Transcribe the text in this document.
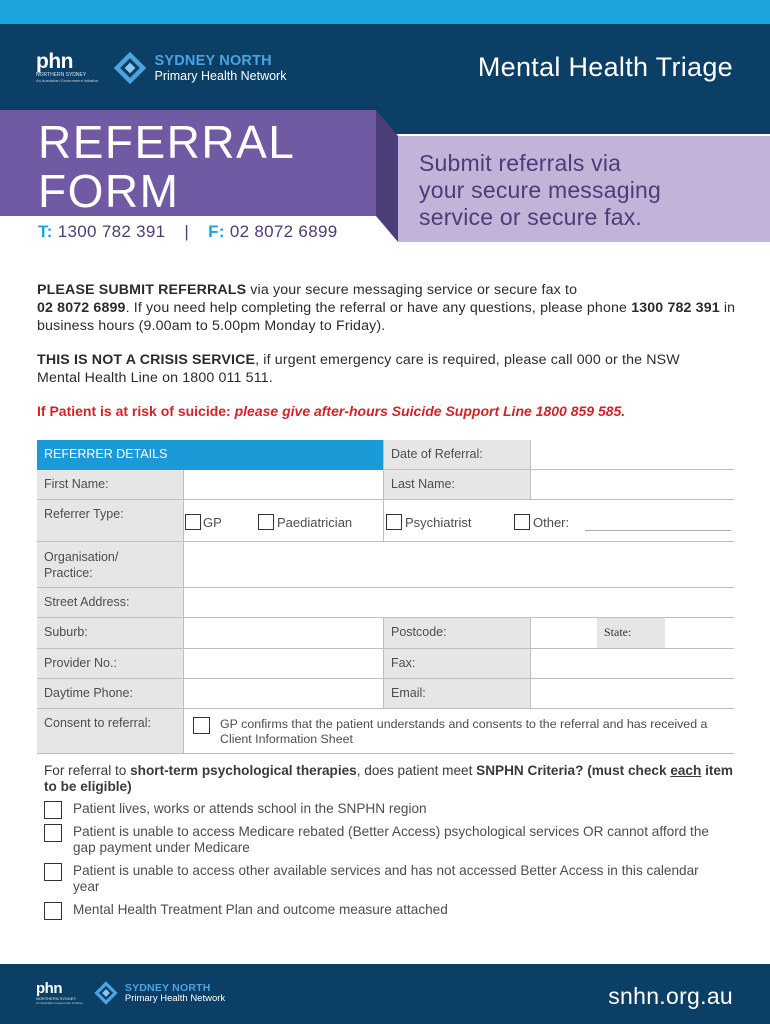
phn
NORTHERN SYDNEY
An Australian Government Initiative
SYDNEY NORTH
Primary Health Network	Mental Health Triage
REFERRAL
FORM
Submit referrals via
your secure messaging
service or secure fax.
T: 1300 782 391 | F: 02 8072 6899
PLEASE SUBMIT REFERRALS via your secure messaging service or secure fax to
02 8072 6899. If you need help completing the referral or have any questions, please phone 1300 782 391 in business hours (9.00am to 5.00pm Monday to Friday).
THIS IS NOT A CRISIS SERVICE, if urgent emergency care is required, please call 000 or the NSW Mental Health Line on 1800 011 511.
If Patient is at risk of suicide: please give after-hours Suicide Support Line 1800 859 585.
REFERRER DETAILS	Date of Referral:
First Name:	Last Name:
Referrer Type:
GP	Paediatrician	Psychiatrist	Other:
Organisation/
Practice:
Street Address:
Suburb:	Postcode:	State:
Provider No.:	Fax:
Daytime Phone:	Email:
Consent to referral:	GP confirms that the patient understands and consents to the referral and has received a Client Information Sheet
For referral to short-term psychological therapies, does patient meet SNPHN Criteria? (must check each item to be eligible)
Patient lives, works or attends school in the SNPHN region
Patient is unable to access Medicare rebated (Better Access) psychological services OR cannot afford the gap payment under Medicare
Patient is unable to access other available services and has not accessed Better Access in this calendar year
Mental Health Treatment Plan and outcome measure attached
phn
NORTHERN SYDNEY
An Australian Government Initiative
SYDNEY NORTH
Primary Health Network	snhn.org.au
